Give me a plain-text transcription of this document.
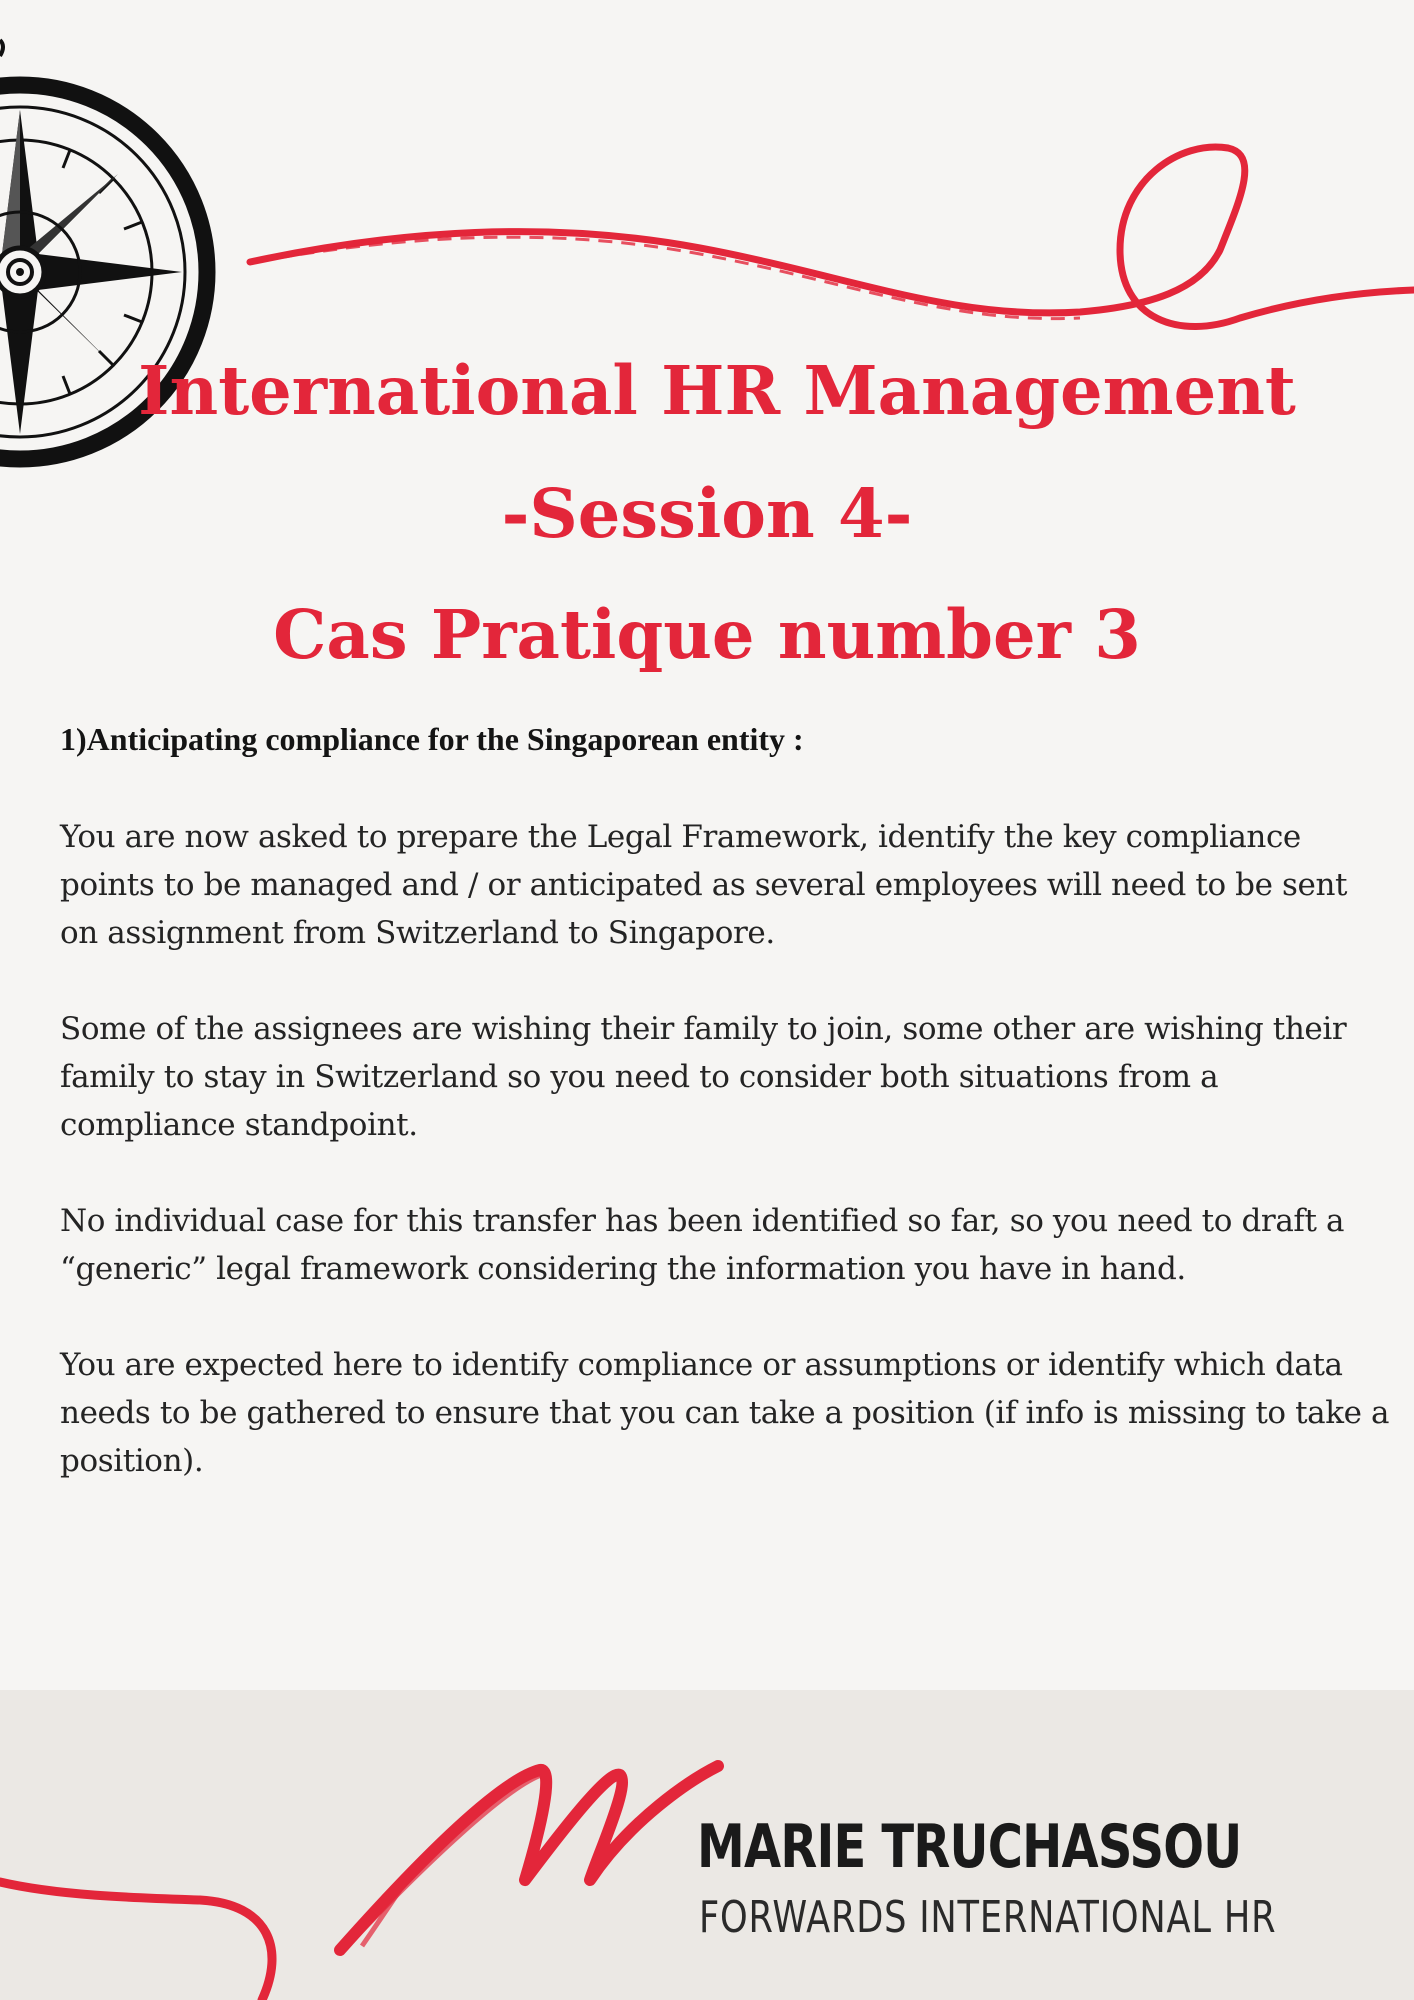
International HR Management
-Session 4-
Cas Pratique number 3

1)Anticipating compliance for the Singaporean entity :

You are now asked to prepare the Legal Framework, identify the key compliance points to be managed and / or anticipated as several employees will need to be sent on assignment from Switzerland to Singapore.

Some of the assignees are wishing their family to join, some other are wishing their family to stay in Switzerland so you need to consider both situations from a compliance standpoint.

No individual case for this transfer has been identified so far, so you need to draft a “generic” legal framework considering the information you have in hand.

You are expected here to identify compliance or assumptions or identify which data needs to be gathered to ensure that you can take a position (if info is missing to take a position).

MARIE TRUCHASSOU
FORWARDS INTERNATIONAL HR
